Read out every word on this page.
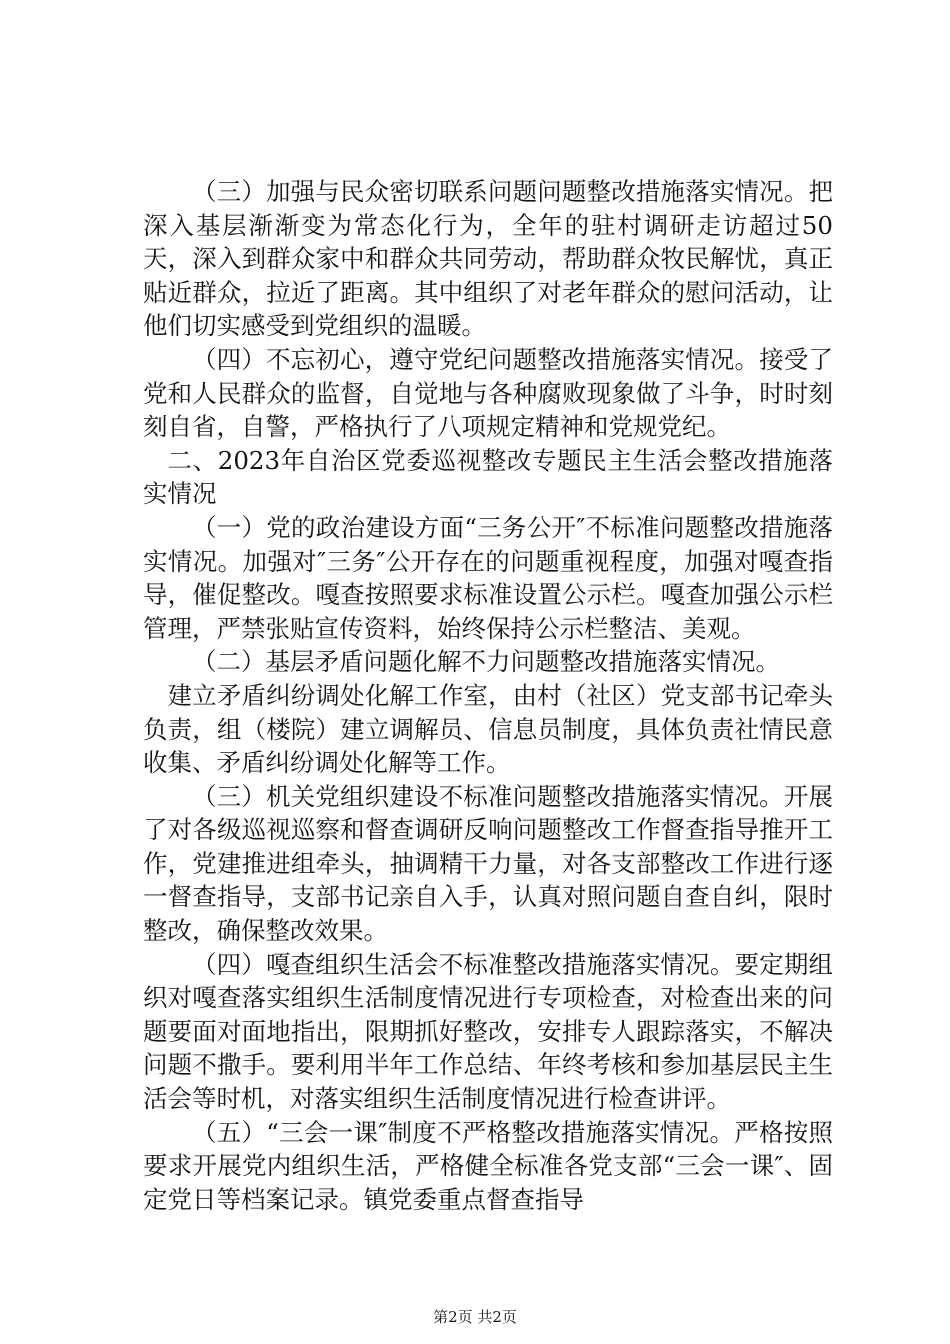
（三）加强与民众密切联系问题问题整改措施落实情况。把深入基层渐渐变为常态化行为，全年的驻村调研走访超过50天，深入到群众家中和群众共同劳动，帮助群众牧民解忧，真正贴近群众，拉近了距离。其中组织了对老年群众的慰问活动，让他们切实感受到党组织的温暖。

（四）不忘初心，遵守党纪问题整改措施落实情况。接受了党和人民群众的监督，自觉地与各种腐败现象做了斗争，时时刻刻自省，自警，严格执行了八项规定精神和党规党纪。

二、2023年自治区党委巡视整改专题民主生活会整改措施落实情况

（一）党的政治建设方面“三务公开″不标准问题整改措施落实情况。加强对″三务″公开存在的问题重视程度，加强对嘎查指导，催促整改。嘎查按照要求标准设置公示栏。嘎查加强公示栏管理，严禁张贴宣传资料，始终保持公示栏整洁、美观。

（二）基层矛盾问题化解不力问题整改措施落实情况。

建立矛盾纠纷调处化解工作室，由村（社区）党支部书记牵头负责，组（楼院）建立调解员、信息员制度，具体负责社情民意收集、矛盾纠纷调处化解等工作。

（三）机关党组织建设不标准问题整改措施落实情况。开展了对各级巡视巡察和督查调研反响问题整改工作督查指导推开工作，党建推进组牵头，抽调精干力量，对各支部整改工作进行逐一督查指导，支部书记亲自入手，认真对照问题自查自纠，限时整改，确保整改效果。

（四）嘎查组织生活会不标准整改措施落实情况。要定期组织对嘎查落实组织生活制度情况进行专项检查，对检查出来的问题要面对面地指出，限期抓好整改，安排专人跟踪落实，不解决问题不撒手。要利用半年工作总结、年终考核和参加基层民主生活会等时机，对落实组织生活制度情况进行检查讲评。

（五）“三会一课″制度不严格整改措施落实情况。严格按照要求开展党内组织生活，严格健全标准各党支部“三会一课″、固定党日等档案记录。镇党委重点督查指导

第2页 共2页
